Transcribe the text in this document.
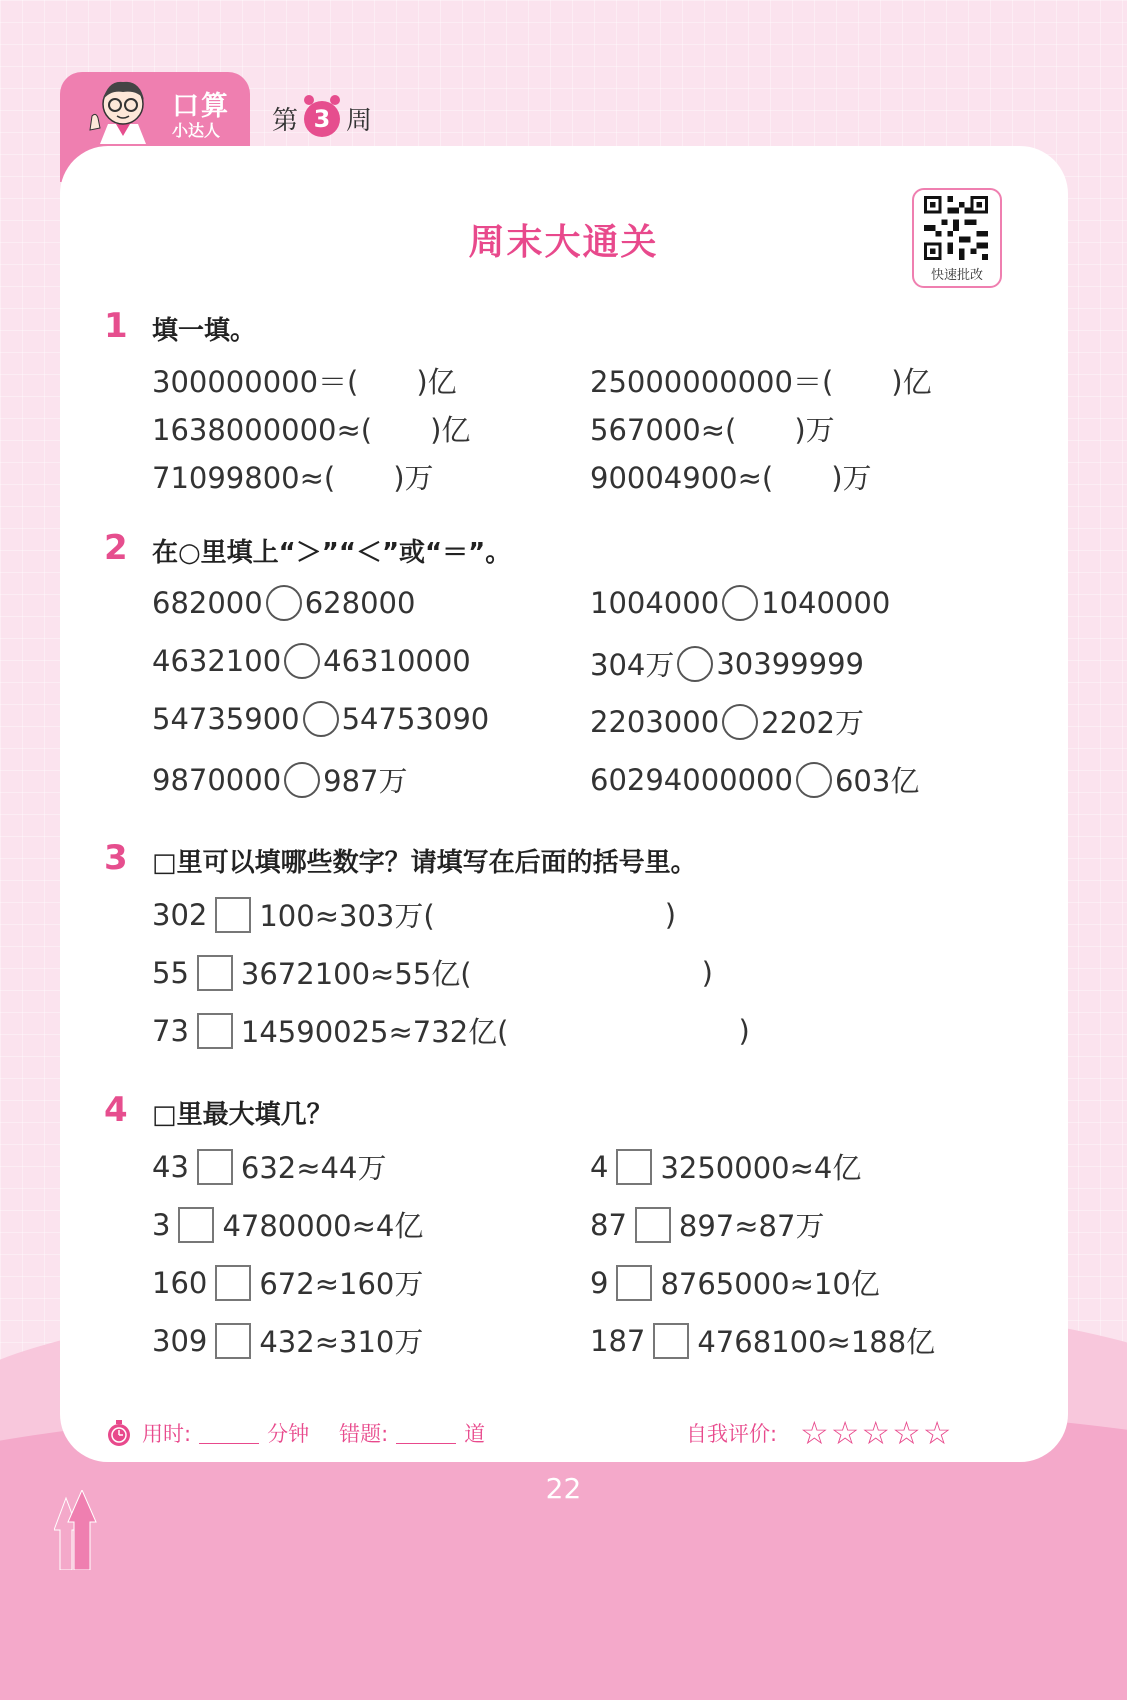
口算
小达人 第 3 周
周末大通关
快速批改
1 填一填。
300000000＝(　　)亿	25000000000＝(　　)亿
1638000000≈(　　)亿	567000≈(　　)万
71099800≈(　　)万	90004900≈(　　)万
2 在○里填上“＞”“＜”或“＝”。
682000 628000	1004000 1040000
4632100 46310000	304万 30399999
54735900 54753090	2203000 2202万
9870000 987万	60294000000 603亿
3 □里可以填哪些数字？请填写在后面的括号里。
302 100≈303万(	)
55 3672100≈55亿(	)
73 14590025≈732亿(	)
4 □里最大填几？
43 632≈44万	4 3250000≈4亿
3 4780000≈4亿	87 897≈87万
160 672≈160万	9 8765000≈10亿
309 432≈310万	187 4768100≈188亿
用时:	分钟 错题:	道	自我评价: ☆☆☆☆☆
22
